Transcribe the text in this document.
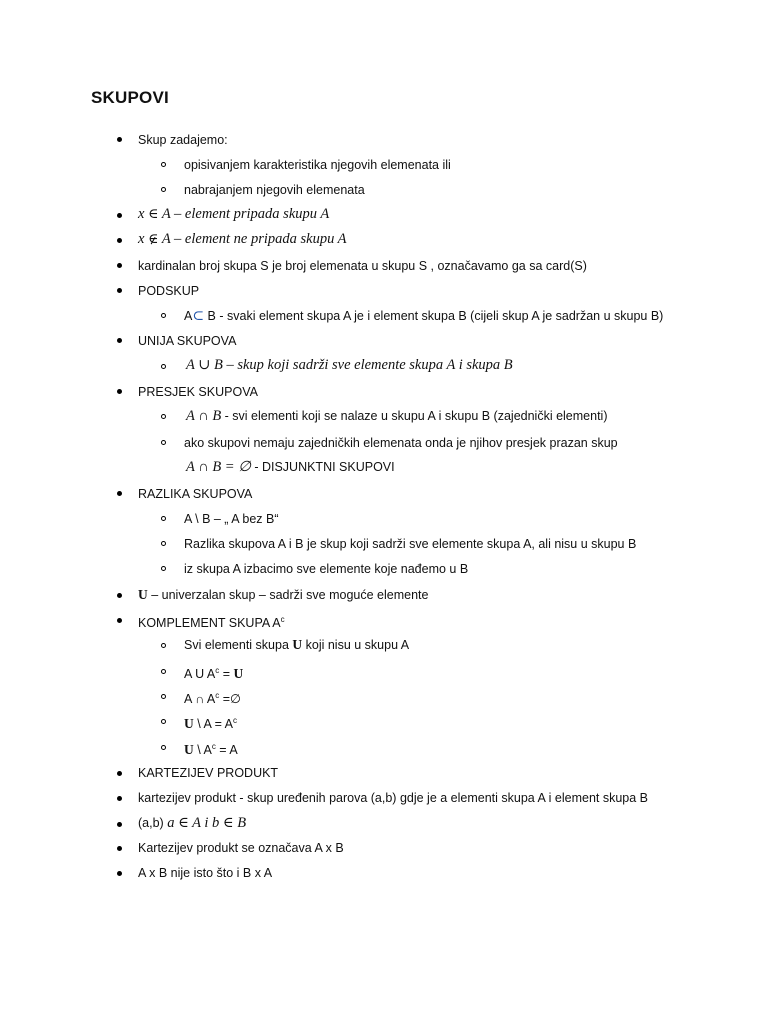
SKUPOVI
Skup zadajemo:
opisivanjem karakteristika njegovih elemenata ili
nabrajanjem njegovih elemenata
x ∈ A – element pripada skupu A
x ∈ A – element ne pripada skupu A
kardinalan broj skupa S je broj elemenata u skupu S , označavamo ga sa card(S)
PODSKUP
A⊂ B - svaki element skupa A je i element skupa B (cijeli skup A je sadržan u skupu B)
UNIJA SKUPOVA
A ∪ B – skup koji sadrži sve elemente skupa A i skupa B
PRESJEK SKUPOVA
A ∩ B - svi elementi koji se nalaze u skupu A i skupu B (zajednički elementi)
ako skupovi nemaju zajedničkih elemenata onda je njihov presjek prazan skup
A ∩ B = ∅ - DISJUNKTNI SKUPOVI
RAZLIKA SKUPOVA
A \ B – „ A bez B“
Razlika skupova A i B je skup koji sadrži sve elemente skupa A, ali nisu u skupu B
iz skupa A izbacimo sve elemente koje nađemo u B
U – univerzalan skup – sadrži sve moguće elemente
KOMPLEMENT SKUPA $A^c$
Svi elementi skupa U koji nisu u skupu A
A U $A^c = U$
A ∩ $A^c$ =∅
U \ $A = A^c$
U \ $A^c = A$
KARTEZIJEV PRODUKT
kartezijev produkt - skup uređenih parova (a,b) gdje je a elementi skupa A i element skupa B
(a,b) a ∈ A i b ∈ B
Kartezijev produkt se označava A x B
A x B nije isto što i B x A
